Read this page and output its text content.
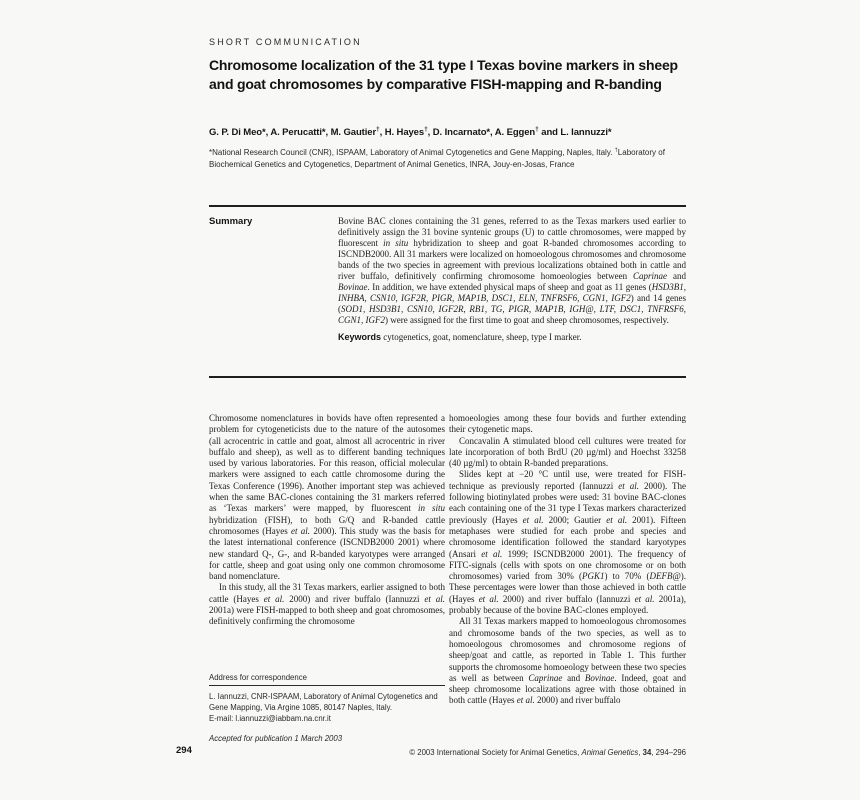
SHORT COMMUNICATION
Chromosome localization of the 31 type I Texas bovine markers in sheep and goat chromosomes by comparative FISH-mapping and R-banding
G. P. Di Meo*, A. Perucatti*, M. Gautier†, H. Hayes†, D. Incarnato*, A. Eggen† and L. Iannuzzi*
*National Research Council (CNR), ISPAAM, Laboratory of Animal Cytogenetics and Gene Mapping, Naples, Italy. †Laboratory of Biochemical Genetics and Cytogenetics, Department of Animal Genetics, INRA, Jouy-en-Josas, France
Summary	Bovine BAC clones containing the 31 genes, referred to as the Texas markers used earlier to definitively assign the 31 bovine syntenic groups (U) to cattle chromosomes, were mapped by fluorescent in situ hybridization to sheep and goat R-banded chromosomes according to ISCNDB2000. All 31 markers were localized on homoeologous chromosomes and chromosome bands of the two species in agreement with previous localizations obtained both in cattle and river buffalo, definitively confirming chromosome homoeologies between Caprinae and Bovinae. In addition, we have extended physical maps of sheep and goat as 11 genes (HSD3B1, INHBA, CSN10, IGF2R, PIGR, MAP1B, DSC1, ELN, TNFRSF6, CGN1, IGF2) and 14 genes (SOD1, HSD3B1, CSN10, IGF2R, RB1, TG, PIGR, MAP1B, IGH@, LTF, DSC1, TNFRSF6, CGN1, IGF2) were assigned for the first time to goat and sheep chromosomes, respectively.

Keywords cytogenetics, goat, nomenclature, sheep, type I marker.

Chromosome nomenclatures in bovids have often represented a problem for cytogeneticists due to the nature of the autosomes (all acrocentric in cattle and goat, almost all acrocentric in river buffalo and sheep), as well as to different banding techniques used by various laboratories. For this reason, official molecular markers were assigned to each cattle chromosome during the Texas Conference (1996). Another important step was achieved when the same BAC-clones containing the 31 markers referred as ‘Texas markers’ were mapped, by fluorescent in situ hybridization (FISH), to both G/Q and R-banded cattle chromosomes (Hayes et al. 2000). This study was the basis for the latest international conference (ISCNDB2000 2001) where new standard Q-, G-, and R-banded karyotypes were arranged for cattle, sheep and goat using only one common chromosome band nomenclature.

In this study, all the 31 Texas markers, earlier assigned to both cattle (Hayes et al. 2000) and river buffalo (Iannuzzi et al. 2001a) were FISH-mapped to both sheep and goat chromosomes, definitively confirming the chromosome

homoeologies among these four bovids and further extending their cytogenetic maps.

Concavalin A stimulated blood cell cultures were treated for late incorporation of both BrdU (20 µg/ml) and Hoechst 33258 (40 µg/ml) to obtain R-banded preparations.

Slides kept at −20 °C until use, were treated for FISH-technique as previously reported (Iannuzzi et al. 2000). The following biotinylated probes were used: 31 bovine BAC-clones each containing one of the 31 type I Texas markers characterized previously (Hayes et al. 2000; Gautier et al. 2001). Fifteen metaphases were studied for each probe and species and chromosome identification followed the standard karyotypes (Ansari et al. 1999; ISCNDB2000 2001). The frequency of FITC-signals (cells with spots on one chromosome or on both chromosomes) varied from 30% (PGK1) to 70% (DEFB@). These percentages were lower than those achieved in both cattle (Hayes et al. 2000) and river buffalo (Iannuzzi et al. 2001a), probably because of the bovine BAC-clones employed.

All 31 Texas markers mapped to homoeologous chromosomes and chromosome bands of the two species, as well as to homoeologous chromosomes and chromosome regions of sheep/goat and cattle, as reported in Table 1. This further supports the chromosome homoeology between these two species as well as between Caprinae and Bovinae. Indeed, goat and sheep chromosome localizations agree with those obtained in both cattle (Hayes et al. 2000) and river buffalo

Address for correspondence
L. Iannuzzi, CNR-ISPAAM, Laboratory of Animal Cytogenetics and Gene Mapping, Via Argine 1085, 80147 Naples, Italy.
E-mail: l.iannuzzi@iabbam.na.cnr.it
Accepted for publication 1 March 2003
294	© 2003 International Society for Animal Genetics, Animal Genetics, 34, 294–296
